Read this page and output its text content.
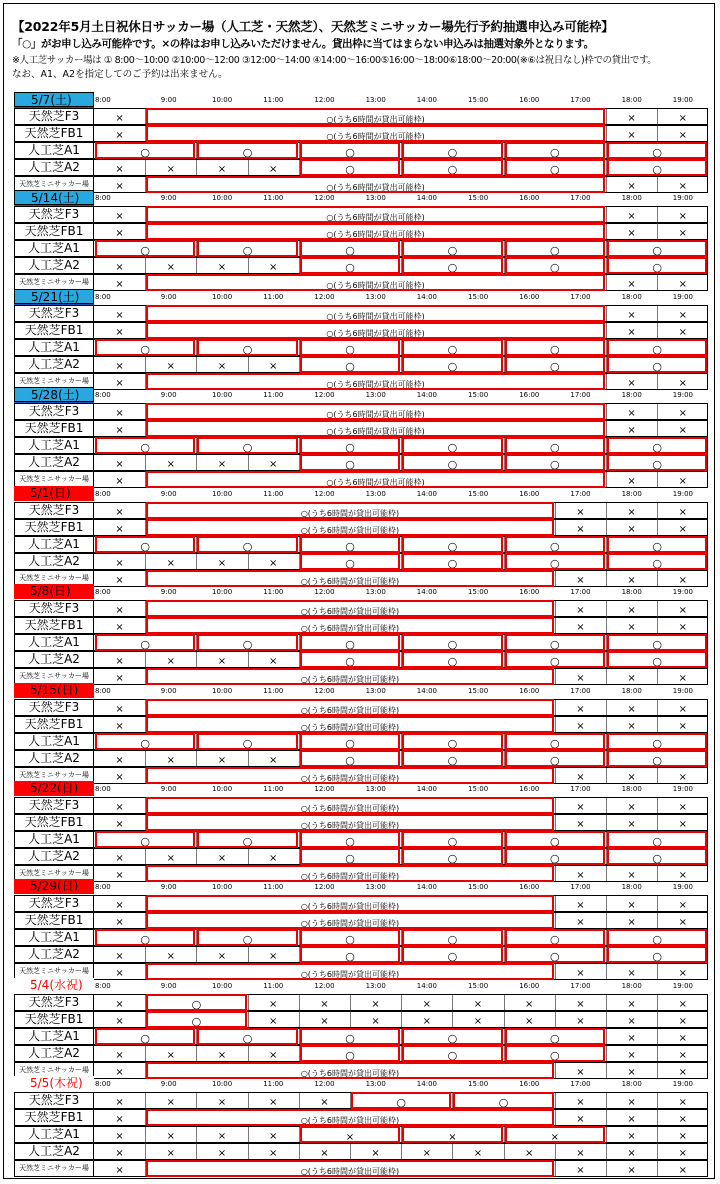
【2022年5月土日祝休日サッカー場（人工芝・天然芝）、天然芝ミニサッカー場先行予約抽選申込み可能枠】
「○」がお申し込み可能枠です。×の枠はお申し込みいただけません。貸出枠に当てはまらない申込みは抽選対象外となります。
※人工芝サッカー場は ① 8:00～10:00 ②10:00～12:00 ③12:00～14:00 ④14:00～16:00⑤16:00～18:00⑥18:00～20:00(※⑥は祝日なし)枠での貸出です。
なお、A1、A2を指定してのご予約は出来ません。
5/7(土)	8:00	9:00	10:00	11:00	12:00	13:00	14:00	15:00	16:00	17:00	18:00	19:00
天然芝F3	×	○(うち6時間が貸出可能枠)	×	×
天然芝FB1	×	○(うち6時間が貸出可能枠)	×	×
人工芝A1	○	○	○	○	○	○
人工芝A2	×	×	×	×	○	○	○	○
天然芝ミニサッカー場	×	○(うち6時間が貸出可能枠)	×	×
5/14(土)	8:00	9:00	10:00	11:00	12:00	13:00	14:00	15:00	16:00	17:00	18:00	19:00
天然芝F3	×	○(うち6時間が貸出可能枠)	×	×
天然芝FB1	×	○(うち6時間が貸出可能枠)	×	×
人工芝A1	○	○	○	○	○	○
人工芝A2	×	×	×	×	○	○	○	○
天然芝ミニサッカー場	×	○(うち6時間が貸出可能枠)	×	×
5/21(土)	8:00	9:00	10:00	11:00	12:00	13:00	14:00	15:00	16:00	17:00	18:00	19:00
天然芝F3	×	○(うち6時間が貸出可能枠)	×	×
天然芝FB1	×	○(うち6時間が貸出可能枠)	×	×
人工芝A1	○	○	○	○	○	○
人工芝A2	×	×	×	×	○	○	○	○
天然芝ミニサッカー場	×	○(うち6時間が貸出可能枠)	×	×
5/28(土)	8:00	9:00	10:00	11:00	12:00	13:00	14:00	15:00	16:00	17:00	18:00	19:00
天然芝F3	×	○(うち6時間が貸出可能枠)	×	×
天然芝FB1	×	○(うち6時間が貸出可能枠)	×	×
人工芝A1	○	○	○	○	○	○
人工芝A2	×	×	×	×	○	○	○	○
天然芝ミニサッカー場	×	○(うち6時間が貸出可能枠)	×	×
5/1(日)	8:00	9:00	10:00	11:00	12:00	13:00	14:00	15:00	16:00	17:00	18:00	19:00
天然芝F3	×	○(うち6時間が貸出可能枠)	×	×	×
天然芝FB1	×	○(うち6時間が貸出可能枠)	×	×	×
人工芝A1	○	○	○	○	○	○
人工芝A2	×	×	×	×	○	○	○	○
天然芝ミニサッカー場	×	○(うち6時間が貸出可能枠)	×	×	×
5/8(日)	8:00	9:00	10:00	11:00	12:00	13:00	14:00	15:00	16:00	17:00	18:00	19:00
天然芝F3	×	○(うち6時間が貸出可能枠)	×	×	×
天然芝FB1	×	○(うち6時間が貸出可能枠)	×	×	×
人工芝A1	○	○	○	○	○	○
人工芝A2	×	×	×	×	○	○	○	○
天然芝ミニサッカー場	×	○(うち6時間が貸出可能枠)	×	×	×
5/15(日)	8:00	9:00	10:00	11:00	12:00	13:00	14:00	15:00	16:00	17:00	18:00	19:00
天然芝F3	×	○(うち6時間が貸出可能枠)	×	×	×
天然芝FB1	×	○(うち6時間が貸出可能枠)	×	×	×
人工芝A1	○	○	○	○	○	○
人工芝A2	×	×	×	×	○	○	○	○
天然芝ミニサッカー場	×	○(うち6時間が貸出可能枠)	×	×	×
5/22(日)	8:00	9:00	10:00	11:00	12:00	13:00	14:00	15:00	16:00	17:00	18:00	19:00
天然芝F3	×	○(うち6時間が貸出可能枠)	×	×	×
天然芝FB1	×	○(うち6時間が貸出可能枠)	×	×	×
人工芝A1	○	○	○	○	○	○
人工芝A2	×	×	×	×	○	○	○	○
天然芝ミニサッカー場	×	○(うち6時間が貸出可能枠)	×	×	×
5/29(日)	8:00	9:00	10:00	11:00	12:00	13:00	14:00	15:00	16:00	17:00	18:00	19:00
天然芝F3	×	○(うち6時間が貸出可能枠)	×	×	×
天然芝FB1	×	○(うち6時間が貸出可能枠)	×	×	×
人工芝A1	○	○	○	○	○	○
人工芝A2	×	×	×	×	○	○	○	○
天然芝ミニサッカー場	×	○(うち6時間が貸出可能枠)	×	×	×
5/4(水祝)	8:00	9:00	10:00	11:00	12:00	13:00	14:00	15:00	16:00	17:00	18:00	19:00
天然芝F3	×	○	×	×	×	×	×	×	×	×	×
天然芝FB1	×	○	×	×	×	×	×	×	×	×	×
人工芝A1	○	○	○	○	○	×	×
人工芝A2	×	×	×	×	○	○	○	×	×
天然芝ミニサッカー場	×	○(うち6時間が貸出可能枠)	×	×	×
5/5(木祝)	8:00	9:00	10:00	11:00	12:00	13:00	14:00	15:00	16:00	17:00	18:00	19:00
天然芝F3	×	×	×	×	×	○	○	×	×	×
天然芝FB1	×	○(うち6時間が貸出可能枠)	×	×	×
人工芝A1	×	×	×	×	×	×	×	×	×
人工芝A2	×	×	×	×	×	×	×	×	×	×	×	×
天然芝ミニサッカー場	×	○(うち6時間が貸出可能枠)	×	×	×
